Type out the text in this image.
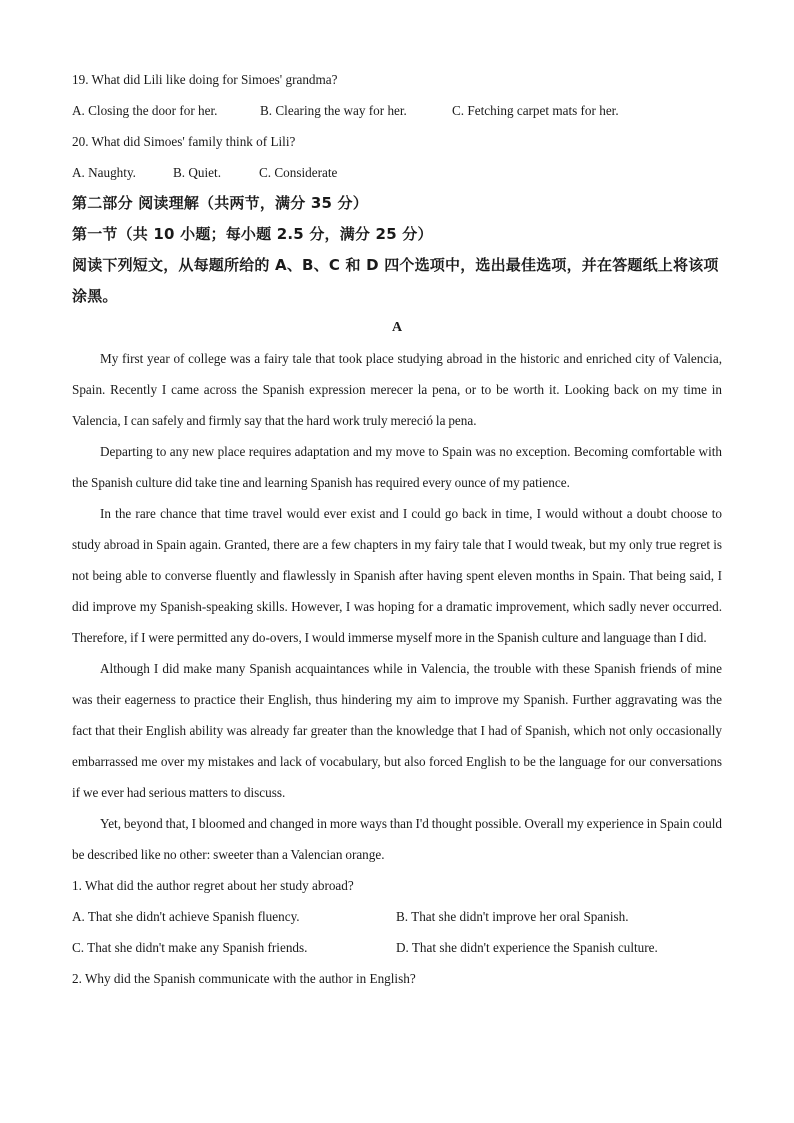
19. What did Lili like doing for Simoes' grandma?
A. Closing the door for her.	B. Clearing the way for her.	C. Fetching carpet mats for her.
20. What did Simoes' family think of Lili?
A. Naughty.	B. Quiet.	C. Considerate
第二部分 阅读理解（共两节，满分 35 分）
第一节（共 10 小题；每小题 2.5 分，满分 25 分）
阅读下列短文，从每题所给的 A、B、C 和 D 四个选项中，选出最佳选项，并在答题纸上将该项涂黑。
A
My first year of college was a fairy tale that took place studying abroad in the historic and enriched city of Valencia, Spain. Recently I came across the Spanish expression merecer la pena, or to be worth it. Looking back on my time in Valencia, I can safely and firmly say that the hard work truly mereció la pena.
Departing to any new place requires adaptation and my move to Spain was no exception. Becoming comfortable with the Spanish culture did take tine and learning Spanish has required every ounce of my patience.
In the rare chance that time travel would ever exist and I could go back in time, I would without a doubt choose to study abroad in Spain again. Granted, there are a few chapters in my fairy tale that I would tweak, but my only true regret is not being able to converse fluently and flawlessly in Spanish after having spent eleven months in Spain. That being said, I did improve my Spanish-speaking skills. However, I was hoping for a dramatic improvement, which sadly never occurred. Therefore, if I were permitted any do-overs, I would immerse myself more in the Spanish culture and language than I did.
Although I did make many Spanish acquaintances while in Valencia, the trouble with these Spanish friends of mine was their eagerness to practice their English, thus hindering my aim to improve my Spanish. Further aggravating was the fact that their English ability was already far greater than the knowledge that I had of Spanish, which not only occasionally embarrassed me over my mistakes and lack of vocabulary, but also forced English to be the language for our conversations if we ever had serious matters to discuss.
Yet, beyond that, I bloomed and changed in more ways than I'd thought possible. Overall my experience in Spain could be described like no other: sweeter than a Valencian orange.
1. What did the author regret about her study abroad?
A. That she didn't achieve Spanish fluency.	B. That she didn't improve her oral Spanish.
C. That she didn't make any Spanish friends.	D. That she didn't experience the Spanish culture.
2. Why did the Spanish communicate with the author in English?
